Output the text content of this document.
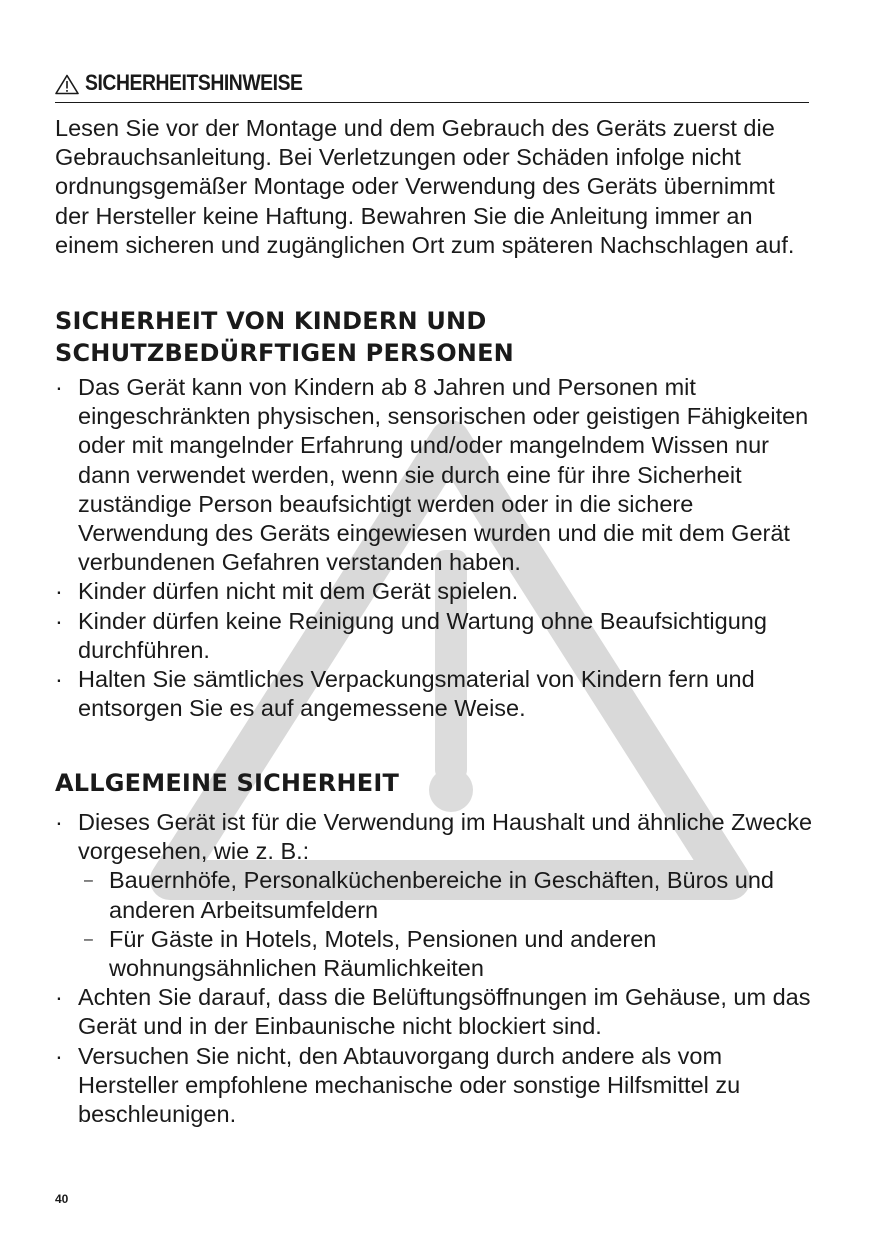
SICHERHEITSHINWEISE

Lesen Sie vor der Montage und dem Gebrauch des Geräts zuerst die Gebrauchsanleitung. Bei Verletzungen oder Schäden infolge nicht ordnungsgemäßer Montage oder Verwendung des Geräts übernimmt der Hersteller keine Haftung. Bewahren Sie die Anleitung immer an einem sicheren und zugänglichen Ort zum späteren Nachschlagen auf.

SICHERHEIT VON KINDERN UND
SCHUTZBEDÜRFTIGEN PERSONEN
· Das Gerät kann von Kindern ab 8 Jahren und Personen mit eingeschränkten physischen, sensorischen oder geistigen Fähigkeiten oder mit mangelnder Erfahrung und/oder mangelndem Wissen nur dann verwendet werden, wenn sie durch eine für ihre Sicherheit zuständige Person beaufsichtigt werden oder in die sichere Verwendung des Geräts eingewiesen wurden und die mit dem Gerät verbundenen Gefahren verstanden haben.
· Kinder dürfen nicht mit dem Gerät spielen.
· Kinder dürfen keine Reinigung und Wartung ohne Beaufsichtigung durchführen.
· Halten Sie sämtliches Verpackungsmaterial von Kindern fern und entsorgen Sie es auf angemessene Weise.
ALLGEMEINE SICHERHEIT
· Dieses Gerät ist für die Verwendung im Haushalt und ähnliche Zwecke vorgesehen, wie z. B.:
– Bauernhöfe, Personalküchenbereiche in Geschäften, Büros und anderen Arbeitsumfeldern
– Für Gäste in Hotels, Motels, Pensionen und anderen wohnungsähnlichen Räumlichkeiten
· Achten Sie darauf, dass die Belüftungsöffnungen im Gehäuse, um das Gerät und in der Einbaunische nicht blockiert sind.
· Versuchen Sie nicht, den Abtauvorgang durch andere als vom Hersteller empfohlene mechanische oder sonstige Hilfsmittel zu beschleunigen.
40
